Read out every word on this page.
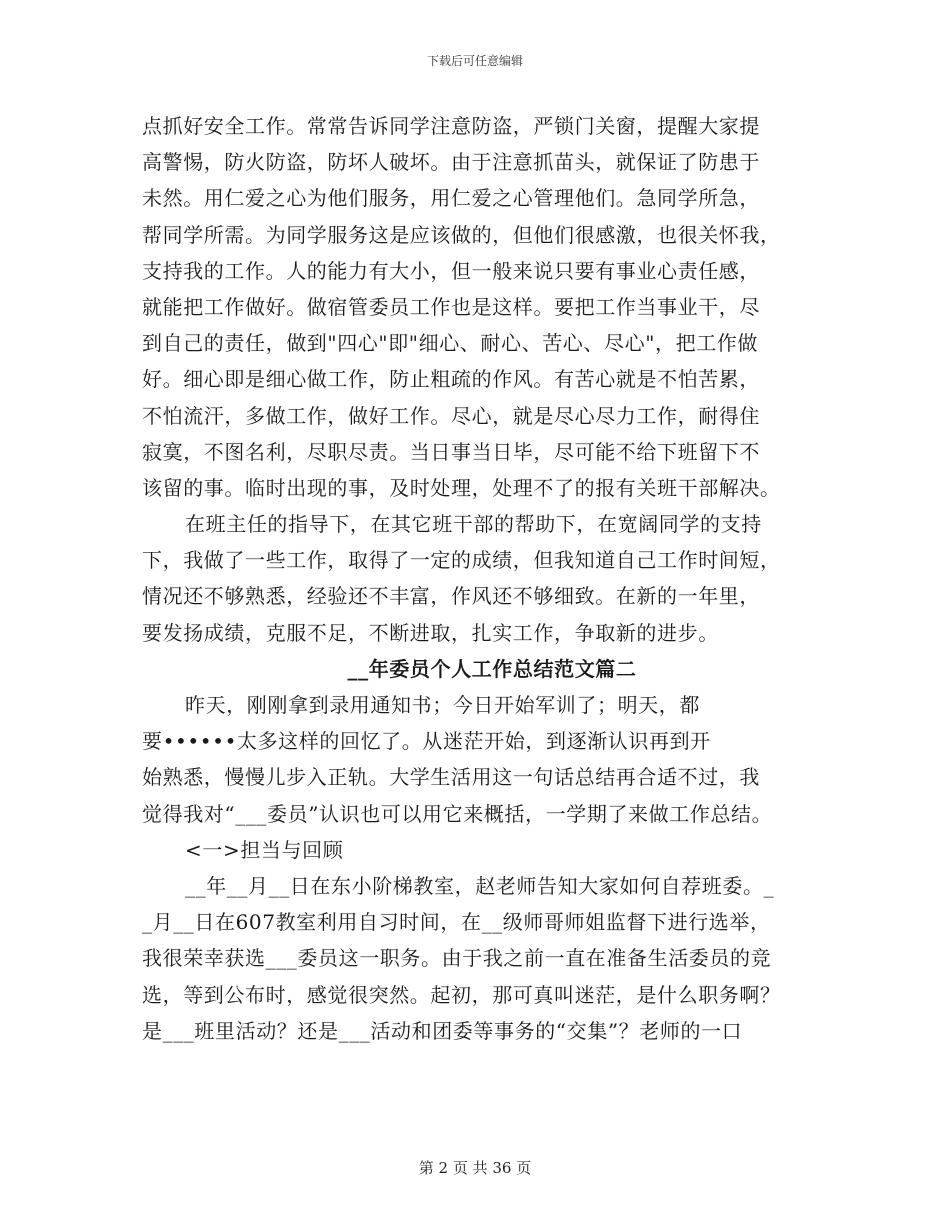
下载后可任意编辑
点抓好安全工作。常常告诉同学注意防盗，严锁门关窗，提醒大家提
高警惕，防火防盗，防坏人破坏。由于注意抓苗头，就保证了防患于
未然。用仁爱之心为他们服务，用仁爱之心管理他们。急同学所急，
帮同学所需。为同学服务这是应该做的，但他们很感激，也很关怀我，
支持我的工作。人的能力有大小，但一般来说只要有事业心责任感，
就能把工作做好。做宿管委员工作也是这样。要把工作当事业干，尽
到自己的责任，做到"四心"即"细心、耐心、苦心、尽心"，把工作做
好。细心即是细心做工作，防止粗疏的作风。有苦心就是不怕苦累，
不怕流汗，多做工作，做好工作。尽心，就是尽心尽力工作，耐得住
寂寞，不图名利，尽职尽责。当日事当日毕，尽可能不给下班留下不
该留的事。临时出现的事，及时处理，处理不了的报有关班干部解决。
在班主任的指导下，在其它班干部的帮助下，在宽阔同学的支持
下，我做了一些工作，取得了一定的成绩，但我知道自己工作时间短，
情况还不够熟悉，经验还不丰富，作风还不够细致。在新的一年里，
要发扬成绩，克服不足，不断进取，扎实工作，争取新的进步。
__年委员个人工作总结范文篇二
昨天，刚刚拿到录用通知书；今日开始军训了；明天，都
要••••••太多这样的回忆了。从迷茫开始，到逐渐认识再到开
始熟悉，慢慢儿步入正轨。大学生活用这一句话总结再合适不过，我
觉得我对“___委员”认识也可以用它来概括，一学期了来做工作总结。
<一>担当与回顾
__年__月__日在东小阶梯教室，赵老师告知大家如何自荐班委。_
_月__日在607教室利用自习时间，在__级师哥师姐监督下进行选举，
我很荣幸获选___委员这一职务。由于我之前一直在准备生活委员的竞
选，等到公布时，感觉很突然。起初，那可真叫迷茫，是什么职务啊？
是___班里活动？还是___活动和团委等事务的“交集”？老师的一口
第 2 页 共 36 页
